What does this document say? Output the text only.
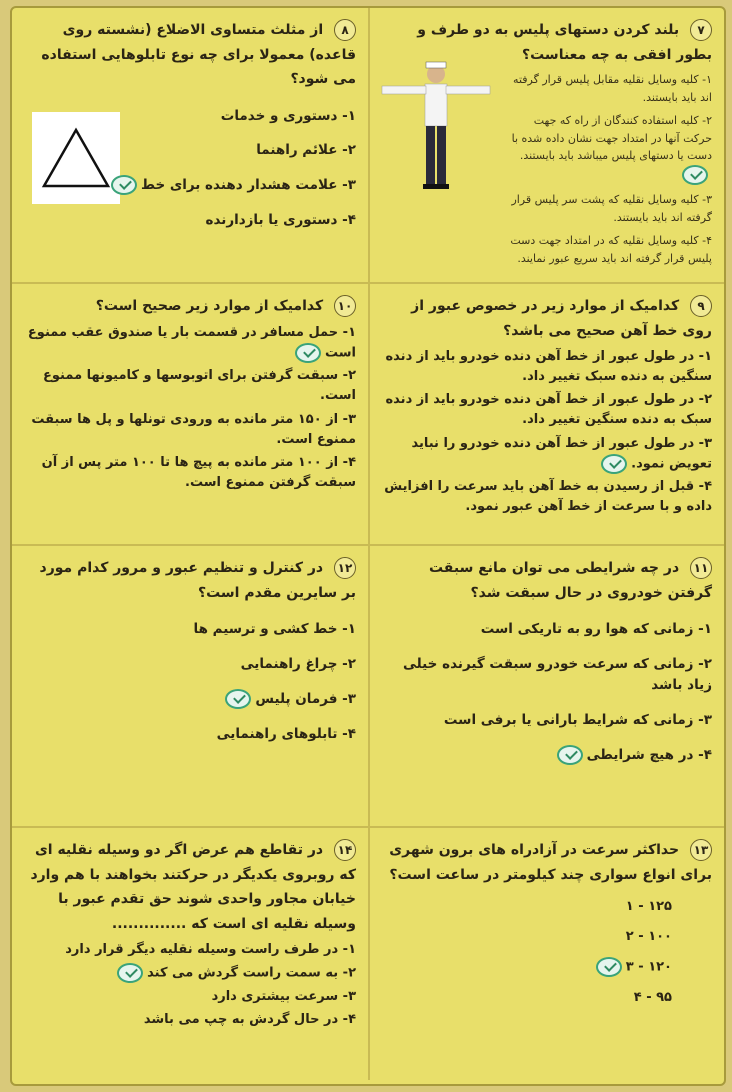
۷ بلند کردن دستهای پلیس به دو طرف و بطور افقی به چه معناست؟
۱- کلیه وسایل نقلیه مقابل پلیس قرار گرفته اند باید بایستند.
۲- کلیه استفاده کنندگان از راه که جهت حرکت آنها در امتداد جهت نشان داده شده با دست یا دستهای پلیس میباشد باید بایستند.
۳- کلیه وسایل نقلیه که پشت سر پلیس قرار گرفته اند باید بایستند.
۴- کلیه وسایل نقلیه که در امتداد جهت دست پلیس قرار گرفته اند باید سریع عبور نمایند.
۸ از مثلث متساوی الاضلاع (نشسته روی قاعده) معمولا برای چه نوع تابلوهایی استفاده می شود؟
۱- دستوری و خدمات
۲- علائم راهنما
۳- علامت هشدار دهنده برای خط
۴- دستوری یا بازدارنده
۹ کدامیک از موارد زیر در خصوص عبور از روی خط آهن صحیح می باشد؟
۱- در طول عبور از خط آهن دنده خودرو باید از دنده سنگین به دنده سبک تغییر داد.
۲- در طول عبور از خط آهن دنده خودرو باید از دنده سبک به دنده سنگین تغییر داد.
۳- در طول عبور از خط آهن دنده خودرو را نباید تعویض نمود.
۴- قبل از رسیدن به خط آهن باید سرعت را افزایش داده و با سرعت از خط آهن عبور نمود.
۱۰ کدامیک از موارد زیر صحیح است؟
۱- حمل مسافر در قسمت بار یا صندوق عقب ممنوع است
۲- سبقت گرفتن برای اتوبوسها و کامیونها ممنوع است.
۳- از ۱۵۰ متر مانده به ورودی تونلها و پل ها سبقت ممنوع است.
۴- از ۱۰۰ متر مانده به پیچ ها تا ۱۰۰ متر پس از آن سبقت گرفتن ممنوع است.
۱۱ در چه شرایطی می توان مانع سبقت گرفتن خودروی در حال سبقت شد؟
۱- زمانی که هوا رو به تاریکی است
۲- زمانی که سرعت خودرو سبقت گیرنده خیلی زیاد باشد
۳- زمانی که شرایط بارانی یا برفی است
۴- در هیچ شرایطی
۱۲ در کنترل و تنظیم عبور و مرور کدام مورد بر سایرین مقدم است؟
۱- خط کشی و ترسیم ها
۲- چراغ راهنمایی
۳- فرمان پلیس
۴- تابلوهای راهنمایی
۱۳ حداکثر سرعت در آزادراه های برون شهری برای انواع سواری چند کیلومتر در ساعت است؟
۱۲۵ - ۱
۱۰۰ - ۲
۱۲۰ - ۳
۹۵ - ۴
۱۴ در تقاطع هم عرض اگر دو وسیله نقلیه ای که روبروی یکدیگر در حرکتند بخواهند با هم وارد خیابان مجاور واحدی شوند حق تقدم عبور با وسیله نقلیه ای است که ..............
۱- در طرف راست وسیله نقلیه دیگر قرار دارد
۲- به سمت راست گردش می کند
۳- سرعت بیشتری دارد
۴- در حال گردش به چپ می باشد
